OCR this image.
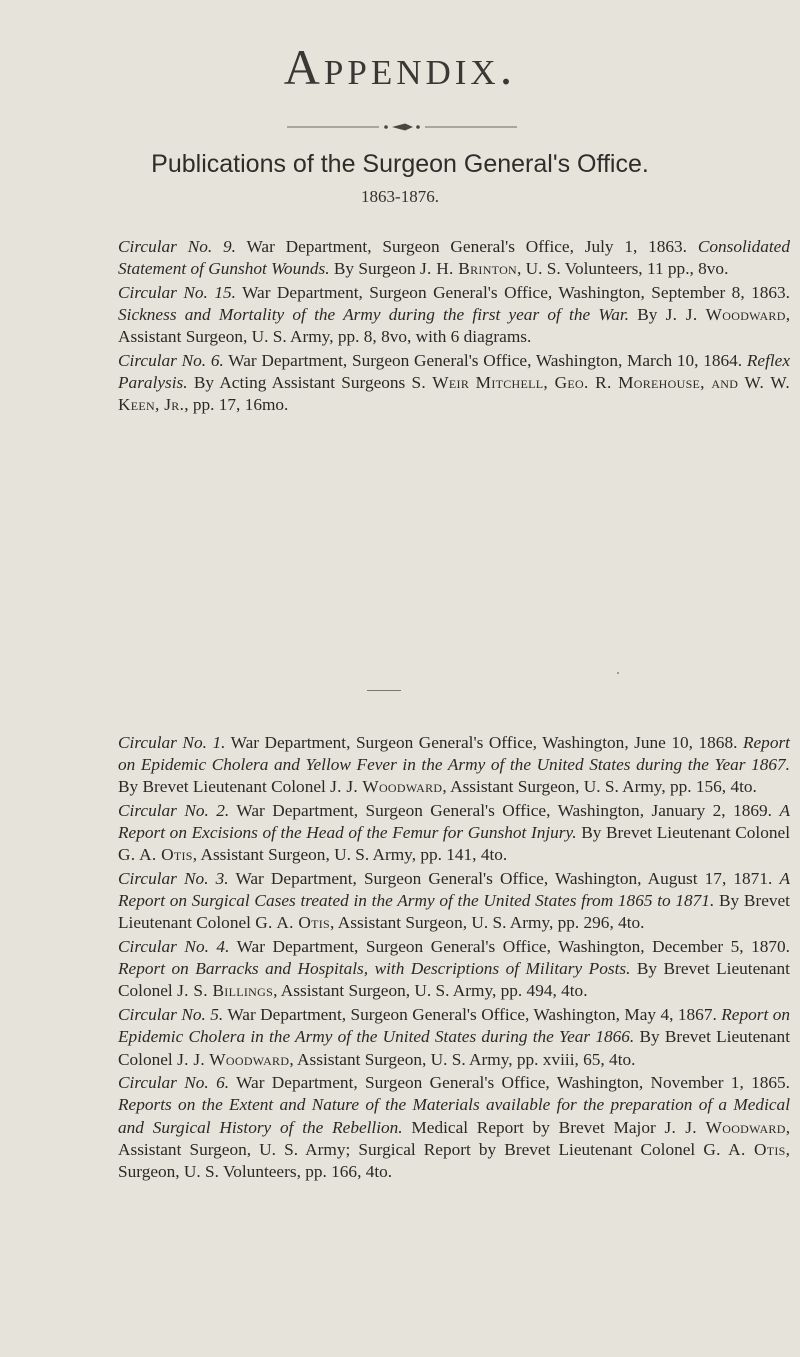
Appendix.
Publications of the Surgeon General's Office.
1863-1876.

Circular No. 9. War Department, Surgeon General's Office, July 1, 1863. Consolidated Statement of Gunshot Wounds. By Surgeon J. H. Brinton, U. S. Volunteers, 11 pp., 8vo.

Circular No. 15. War Department, Surgeon General's Office, Washington, September 8, 1863. Sickness and Mortality of the Army during the first year of the War. By J. J. Woodward, Assistant Surgeon, U. S. Army, pp. 8, 8vo, with 6 diagrams.

Circular No. 6. War Department, Surgeon General's Office, Washington, March 10, 1864. Reflex Paralysis. By Acting Assistant Surgeons S. Weir Mitchell, Geo. R. Morehouse, and W. W. Keen, Jr., pp. 17, 16mo.

Circular No. 1. War Department, Surgeon General's Office, Washington, June 10, 1868. Report on Epidemic Cholera and Yellow Fever in the Army of the United States during the Year 1867. By Brevet Lieutenant Colonel J. J. Woodward, Assistant Surgeon, U. S. Army, pp. 156, 4to.

Circular No. 2. War Department, Surgeon General's Office, Washington, January 2, 1869. A Report on Excisions of the Head of the Femur for Gunshot Injury. By Brevet Lieutenant Colonel G. A. Otis, Assistant Surgeon, U. S. Army, pp. 141, 4to.

Circular No. 3. War Department, Surgeon General's Office, Washington, August 17, 1871. A Report on Surgical Cases treated in the Army of the United States from 1865 to 1871. By Brevet Lieutenant Colonel G. A. Otis, Assistant Surgeon, U. S. Army, pp. 296, 4to.

Circular No. 4. War Department, Surgeon General's Office, Washington, December 5, 1870. Report on Barracks and Hospitals, with Descriptions of Military Posts. By Brevet Lieutenant Colonel J. S. Billings, Assistant Surgeon, U. S. Army, pp. 494, 4to.

Circular No. 5. War Department, Surgeon General's Office, Washington, May 4, 1867. Report on Epidemic Cholera in the Army of the United States during the Year 1866. By Brevet Lieutenant Colonel J. J. Woodward, Assistant Surgeon, U. S. Army, pp. xviii, 65, 4to.

Circular No. 6. War Department, Surgeon General's Office, Washington, November 1, 1865. Reports on the Extent and Nature of the Materials available for the preparation of a Medical and Surgical History of the Rebellion. Medical Report by Brevet Major J. J. Woodward, Assistant Surgeon, U. S. Army; Surgical Report by Brevet Lieutenant Colonel G. A. Otis, Surgeon, U. S. Volunteers, pp. 166, 4to.
